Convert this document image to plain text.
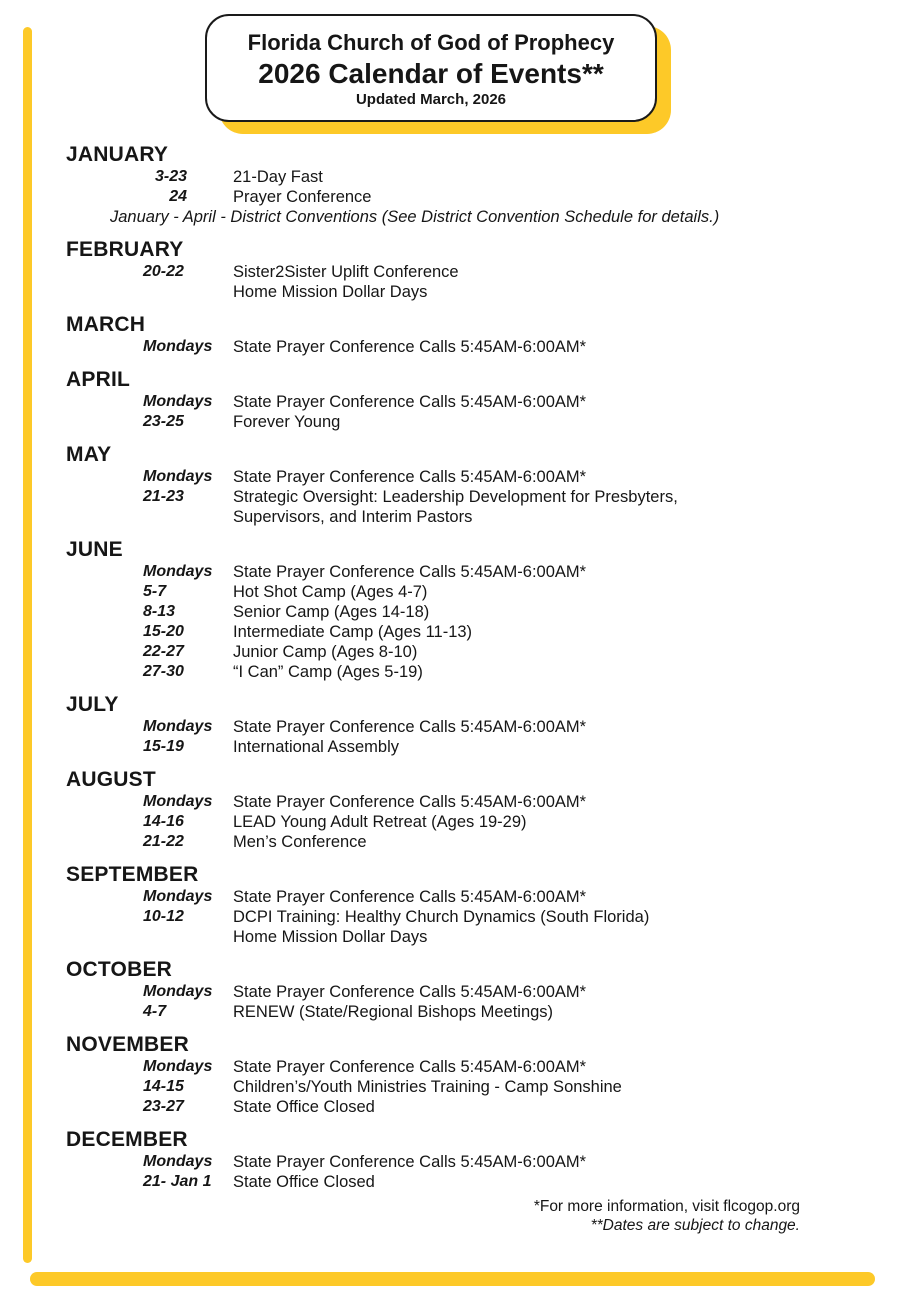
Florida Church of God of Prophecy
2026 Calendar of Events**
Updated March, 2026
JANUARY
3-23	21-Day Fast
24	Prayer Conference
January - April - District Conventions (See District Convention Schedule for details.)
FEBRUARY
20-22	Sister2Sister Uplift Conference
Home Mission Dollar Days
MARCH
Mondays	State Prayer Conference Calls 5:45AM-6:00AM*
APRIL
Mondays	State Prayer Conference Calls 5:45AM-6:00AM*
23-25	Forever Young
MAY
Mondays	State Prayer Conference Calls 5:45AM-6:00AM*
21-23	Strategic Oversight: Leadership Development for Presbyters,
Supervisors, and Interim Pastors
JUNE
Mondays	State Prayer Conference Calls 5:45AM-6:00AM*
5-7	Hot Shot Camp (Ages 4-7)
8-13	Senior Camp (Ages 14-18)
15-20	Intermediate Camp (Ages 11-13)
22-27	Junior Camp (Ages 8-10)
27-30	“I Can” Camp (Ages 5-19)
JULY
Mondays	State Prayer Conference Calls 5:45AM-6:00AM*
15-19	International Assembly
AUGUST
Mondays	State Prayer Conference Calls 5:45AM-6:00AM*
14-16	LEAD Young Adult Retreat (Ages 19-29)
21-22	Men’s Conference
SEPTEMBER
Mondays	State Prayer Conference Calls 5:45AM-6:00AM*
10-12	DCPI Training: Healthy Church Dynamics (South Florida)
Home Mission Dollar Days
OCTOBER
Mondays	State Prayer Conference Calls 5:45AM-6:00AM*
4-7	RENEW (State/Regional Bishops Meetings)
NOVEMBER
Mondays	State Prayer Conference Calls 5:45AM-6:00AM*
14-15	Children’s/Youth Ministries Training - Camp Sonshine
23-27	State Office Closed
DECEMBER
Mondays	State Prayer Conference Calls 5:45AM-6:00AM*
21- Jan 1	State Office Closed
*For more information, visit flcogop.org
**Dates are subject to change.
